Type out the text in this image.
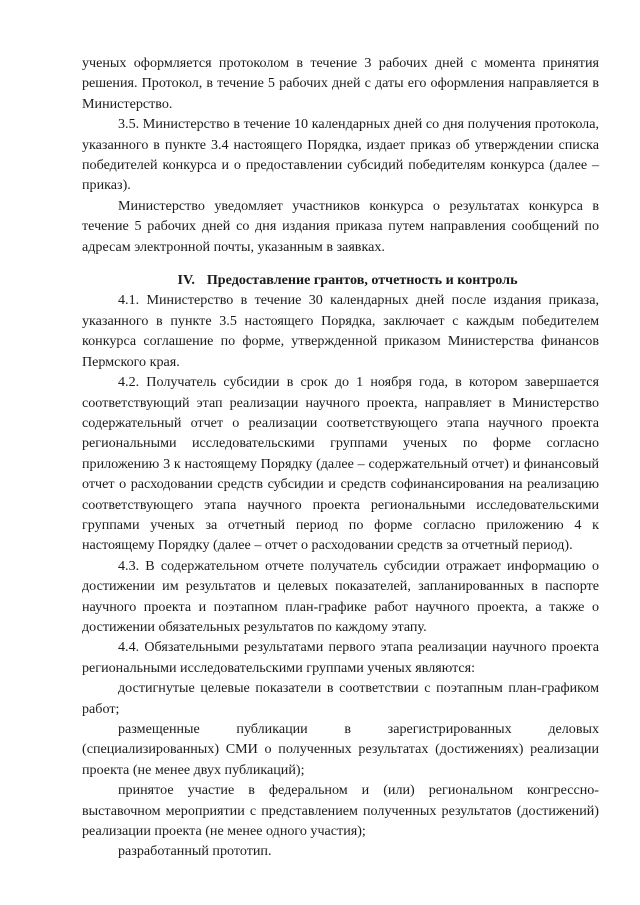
ученых оформляется протоколом в течение 3 рабочих дней с момента принятия решения. Протокол, в течение 5 рабочих дней с даты его оформления направляется в Министерство.

3.5. Министерство в течение 10 календарных дней со дня получения протокола, указанного в пункте 3.4 настоящего Порядка, издает приказ об утверждении списка победителей конкурса и о предоставлении субсидий победителям конкурса (далее – приказ).

Министерство уведомляет участников конкурса о результатах конкурса в течение 5 рабочих дней со дня издания приказа путем направления сообщений по адресам электронной почты, указанным в заявках.

IV. Предоставление грантов, отчетность и контроль

4.1. Министерство в течение 30 календарных дней после издания приказа, указанного в пункте 3.5 настоящего Порядка, заключает с каждым победителем конкурса соглашение по форме, утвержденной приказом Министерства финансов Пермского края.

4.2. Получатель субсидии в срок до 1 ноября года, в котором завершается соответствующий этап реализации научного проекта, направляет в Министерство содержательный отчет о реализации соответствующего этапа научного проекта региональными исследовательскими группами ученых по форме согласно приложению 3 к настоящему Порядку (далее – содержательный отчет) и финансовый отчет о расходовании средств субсидии и средств софинансирования на реализацию соответствующего этапа научного проекта региональными исследовательскими группами ученых за отчетный период по форме согласно приложению 4 к настоящему Порядку (далее – отчет о расходовании средств за отчетный период).

4.3. В содержательном отчете получатель субсидии отражает информацию о достижении им результатов и целевых показателей, запланированных в паспорте научного проекта и поэтапном план-графике работ научного проекта, а также о достижении обязательных результатов по каждому этапу.

4.4. Обязательными результатами первого этапа реализации научного проекта региональными исследовательскими группами ученых являются:

достигнутые целевые показатели в соответствии с поэтапным план-графиком работ;

размещенные публикации в зарегистрированных деловых (специализированных) СМИ о полученных результатах (достижениях) реализации проекта (не менее двух публикаций);

принятое участие в федеральном и (или) региональном конгрессно-выставочном мероприятии с представлением полученных результатов (достижений) реализации проекта (не менее одного участия);

разработанный прототип.
